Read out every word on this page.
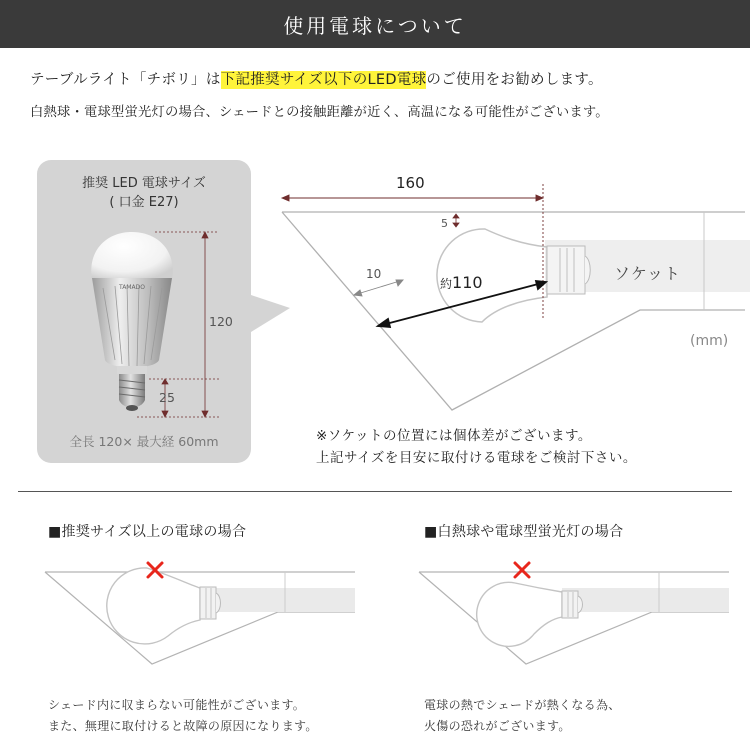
使用電球について
テーブルライト「チボリ」は下記推奨サイズ以下のLED電球のご使用をお勧めします。
白熱球・電球型蛍光灯の場合、シェードとの接触距離が近く、高温になる可能性がございます。
推奨 LED 電球サイズ
( 口金 E27)
TAMADO
120
25
全長 120× 最大経 60mm
160
5
10
約110	ソケット
(mm)
※ソケットの位置には個体差がございます。
上記サイズを目安に取付ける電球をご検討下さい。
■推奨サイズ以上の電球の場合
シェード内に収まらない可能性がございます。
また、無理に取付けると故障の原因になります。
■白熱球や電球型蛍光灯の場合
電球の熱でシェードが熱くなる為、
火傷の恐れがございます。
